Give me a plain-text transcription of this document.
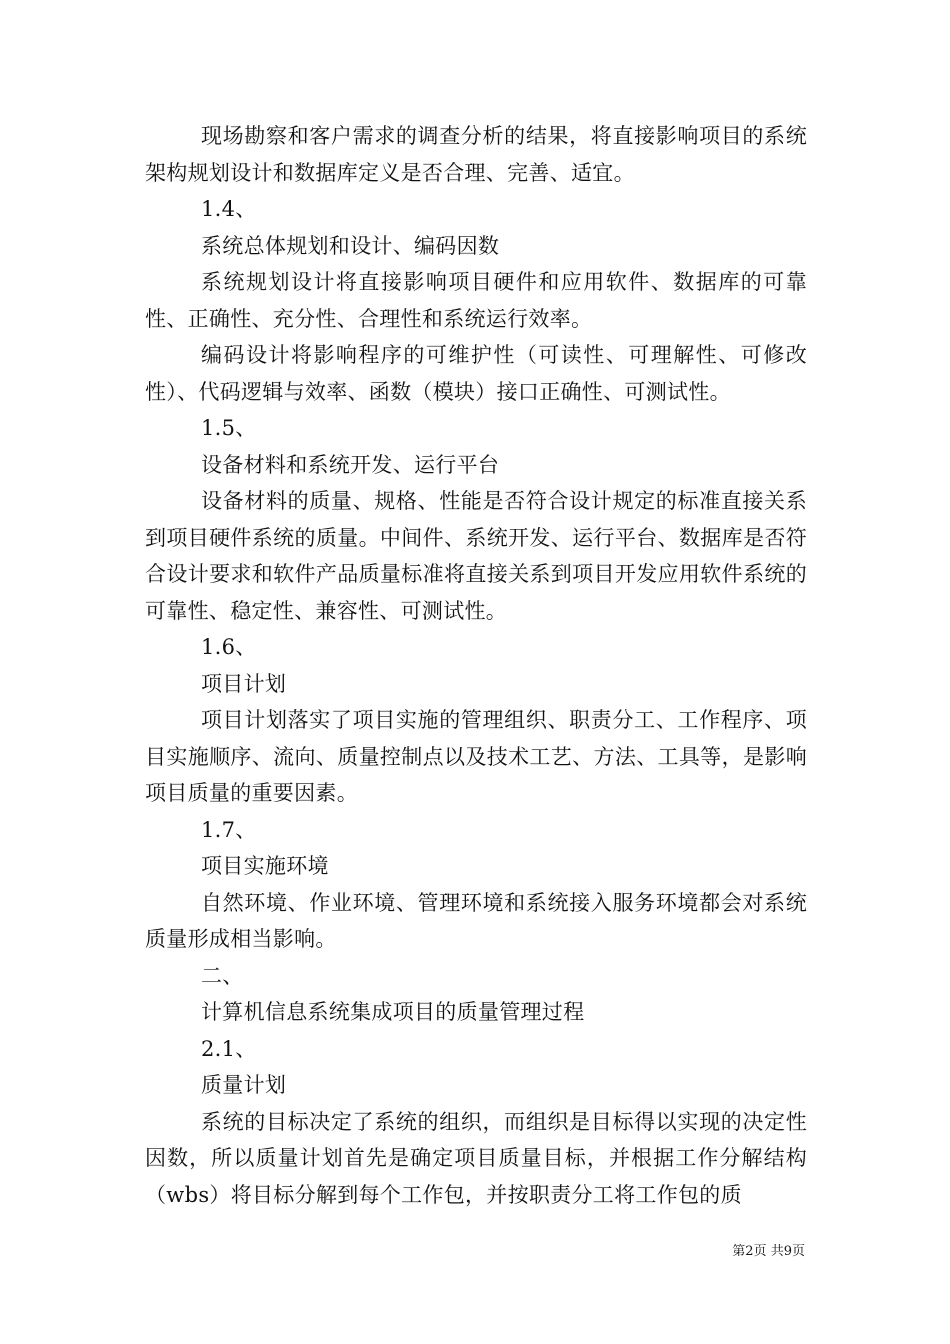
现场勘察和客户需求的调查分析的结果，将直接影响项目的系统架构规划设计和数据库定义是否合理、完善、适宜。

1.4、

系统总体规划和设计、编码因数

系统规划设计将直接影响项目硬件和应用软件、数据库的可靠性、正确性、充分性、合理性和系统运行效率。

编码设计将影响程序的可维护性（可读性、可理解性、可修改性）、代码逻辑与效率、函数（模块）接口正确性、可测试性。

1.5、

设备材料和系统开发、运行平台

设备材料的质量、规格、性能是否符合设计规定的标准直接关系到项目硬件系统的质量。中间件、系统开发、运行平台、数据库是否符合设计要求和软件产品质量标准将直接关系到项目开发应用软件系统的可靠性、稳定性、兼容性、可测试性。

1.6、

项目计划

项目计划落实了项目实施的管理组织、职责分工、工作程序、项目实施顺序、流向、质量控制点以及技术工艺、方法、工具等，是影响项目质量的重要因素。

1.7、

项目实施环境

自然环境、作业环境、管理环境和系统接入服务环境都会对系统质量形成相当影响。

二、

计算机信息系统集成项目的质量管理过程

2.1、

质量计划

系统的目标决定了系统的组织，而组织是目标得以实现的决定性因数，所以质量计划首先是确定项目质量目标，并根据工作分解结构（wbs）将目标分解到每个工作包，并按职责分工将工作包的质

第2页 共9页
